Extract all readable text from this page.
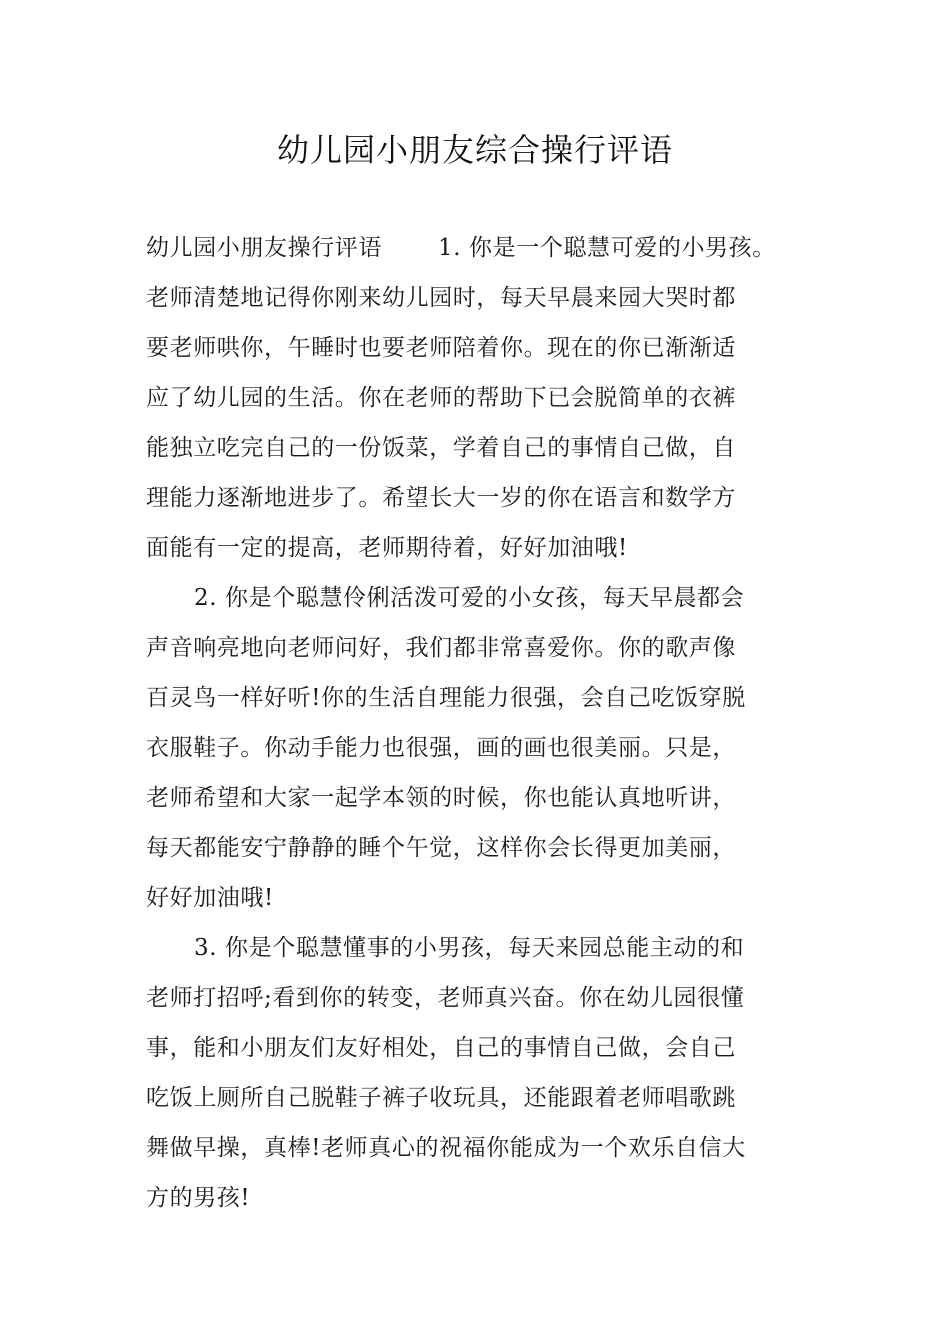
幼儿园小朋友综合操行评语
幼儿园小朋友操行评语 1. 你是一个聪慧可爱的小男孩。
老师清楚地记得你刚来幼儿园时，每天早晨来园大哭时都
要老师哄你，午睡时也要老师陪着你。现在的你已渐渐适
应了幼儿园的生活。你在老师的帮助下已会脱简单的衣裤
能独立吃完自己的一份饭菜，学着自己的事情自己做，自
理能力逐渐地进步了。希望长大一岁的你在语言和数学方
面能有一定的提高，老师期待着，好好加油哦!
2. 你是个聪慧伶俐活泼可爱的小女孩，每天早晨都会
声音响亮地向老师问好，我们都非常喜爱你。你的歌声像
百灵鸟一样好听!你的生活自理能力很强，会自己吃饭穿脱
衣服鞋子。你动手能力也很强，画的画也很美丽。只是，
老师希望和大家一起学本领的时候，你也能认真地听讲，
每天都能安宁静静的睡个午觉，这样你会长得更加美丽，
好好加油哦!
3. 你是个聪慧懂事的小男孩，每天来园总能主动的和
老师打招呼;看到你的转变，老师真兴奋。你在幼儿园很懂
事，能和小朋友们友好相处，自己的事情自己做，会自己
吃饭上厕所自己脱鞋子裤子收玩具，还能跟着老师唱歌跳
舞做早操，真棒!老师真心的祝福你能成为一个欢乐自信大
方的男孩!
